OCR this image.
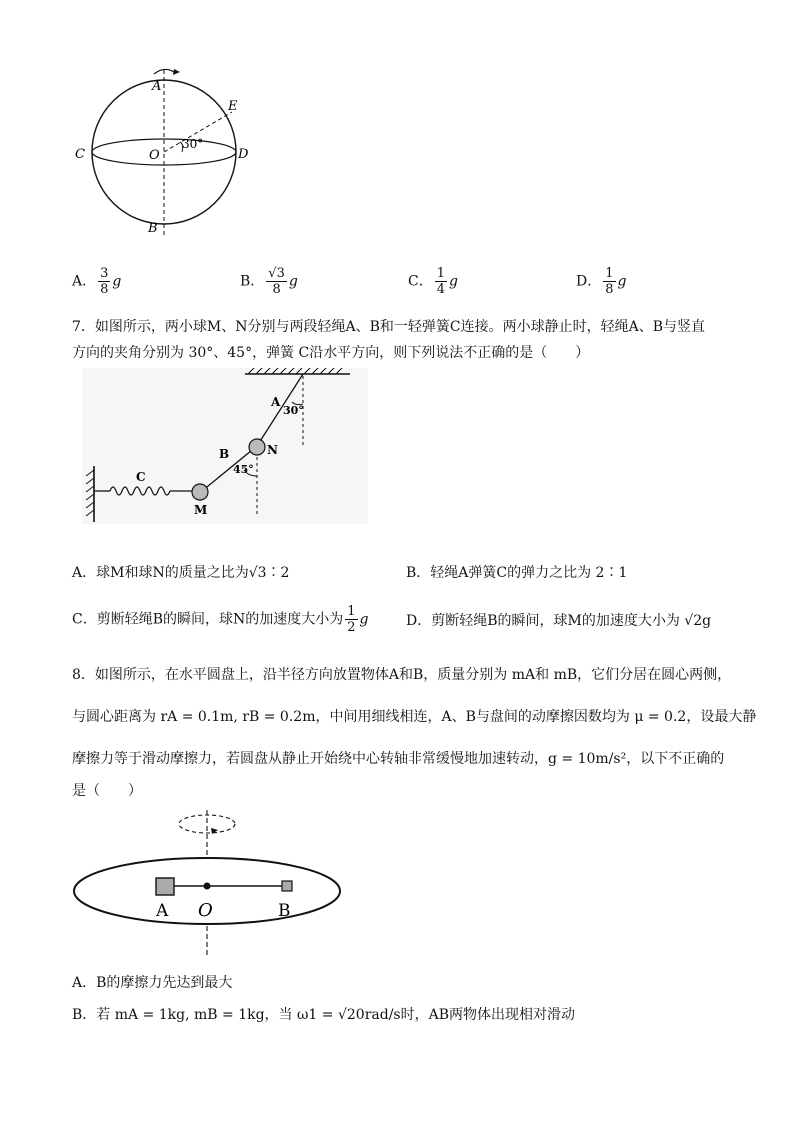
A
B
C	D
E
O
30°
A． $\frac{3}{8}$ g	B． $\frac{√3}{8}$ g	C． $\frac{1}{4}$ g	D． $\frac{1}{8}$ g
7．如图所示，两小球M、N分别与两段轻绳A、B和一轻弹簧C连接。两小球静止时，轻绳A、B与竖直
方向的夹角分别为 30°、45°，弹簧 C沿水平方向，则下列说法不正确的是（　　）
A
30°
B	N
45°
C
M
A．球M和球N的质量之比为√3∶2	B．轻绳A弹簧C的弹力之比为 2∶1
C．剪断轻绳B的瞬间，球N的加速度大小为 $\frac{1}{2}$ g	D．剪断轻绳B的瞬间，球M的加速度大小为 √2g
8．如图所示，在水平圆盘上，沿半径方向放置物体A和B，质量分别为 mA和 mB，它们分居在圆心两侧，
与圆心距离为 rA = 0.1m, rB = 0.2m，中间用细线相连，A、B与盘间的动摩擦因数均为 μ = 0.2，设最大静
摩擦力等于滑动摩擦力，若圆盘从静止开始绕中心转轴非常缓慢地加速转动，g = 10m/s²，以下不正确的
是（　　）
A O	B
A．B的摩擦力先达到最大
B．若 mA = 1kg, mB = 1kg，当 ω1 = √20rad/s时，AB两物体出现相对滑动
